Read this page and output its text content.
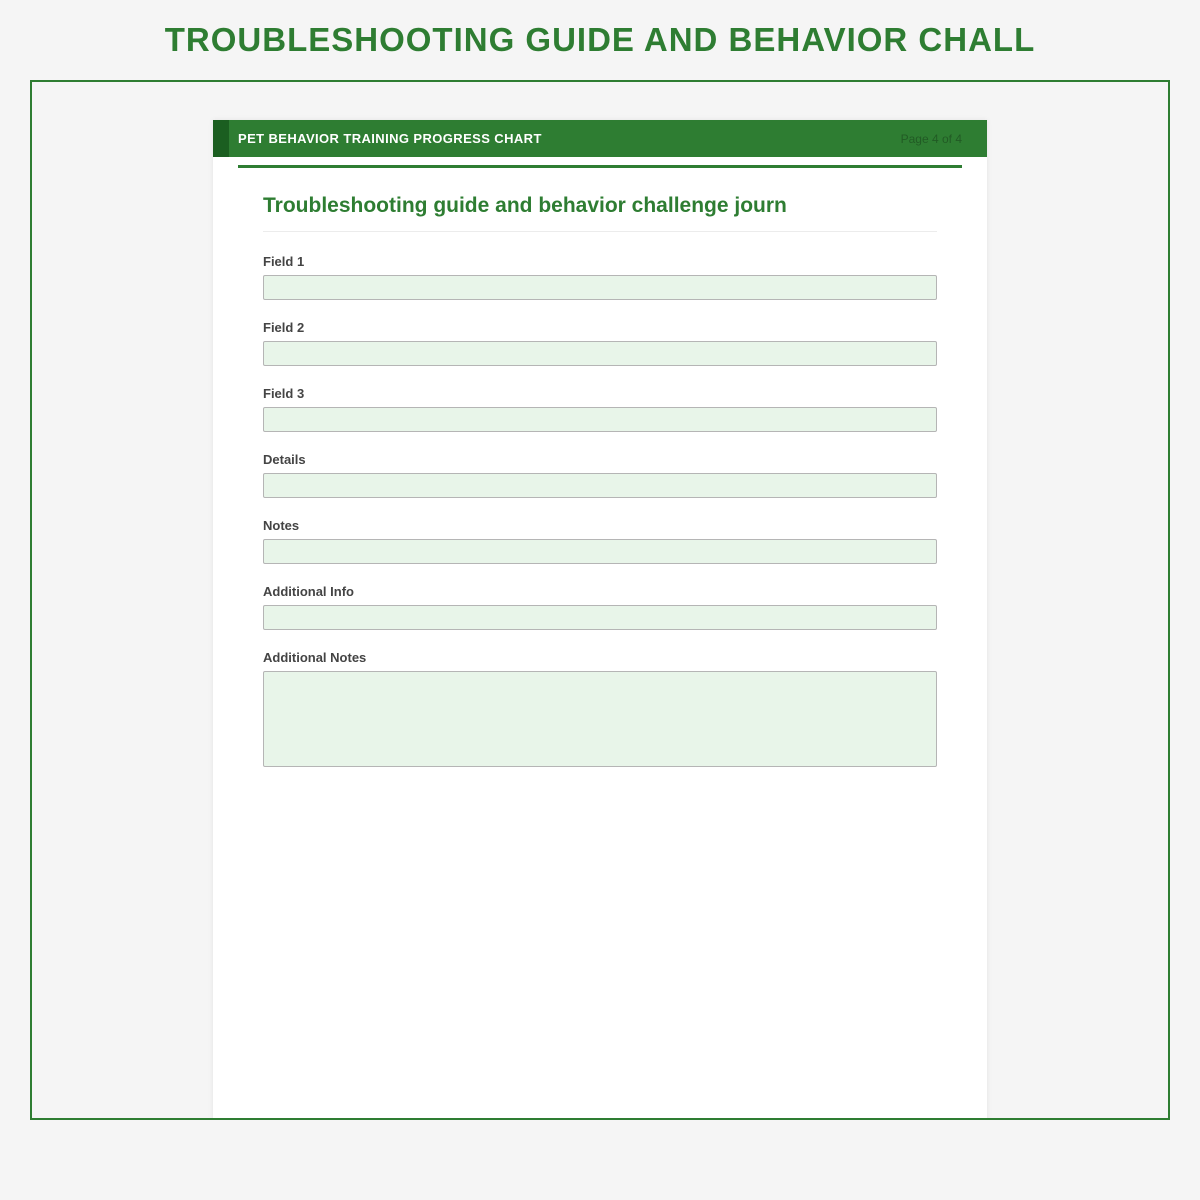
TROUBLESHOOTING GUIDE AND BEHAVIOR CHALL
PET BEHAVIOR TRAINING PROGRESS CHART	Page 4 of 4
Troubleshooting guide and behavior challenge journ
Field 1
Field 2
Field 3
Details
Notes
Additional Info
Additional Notes
